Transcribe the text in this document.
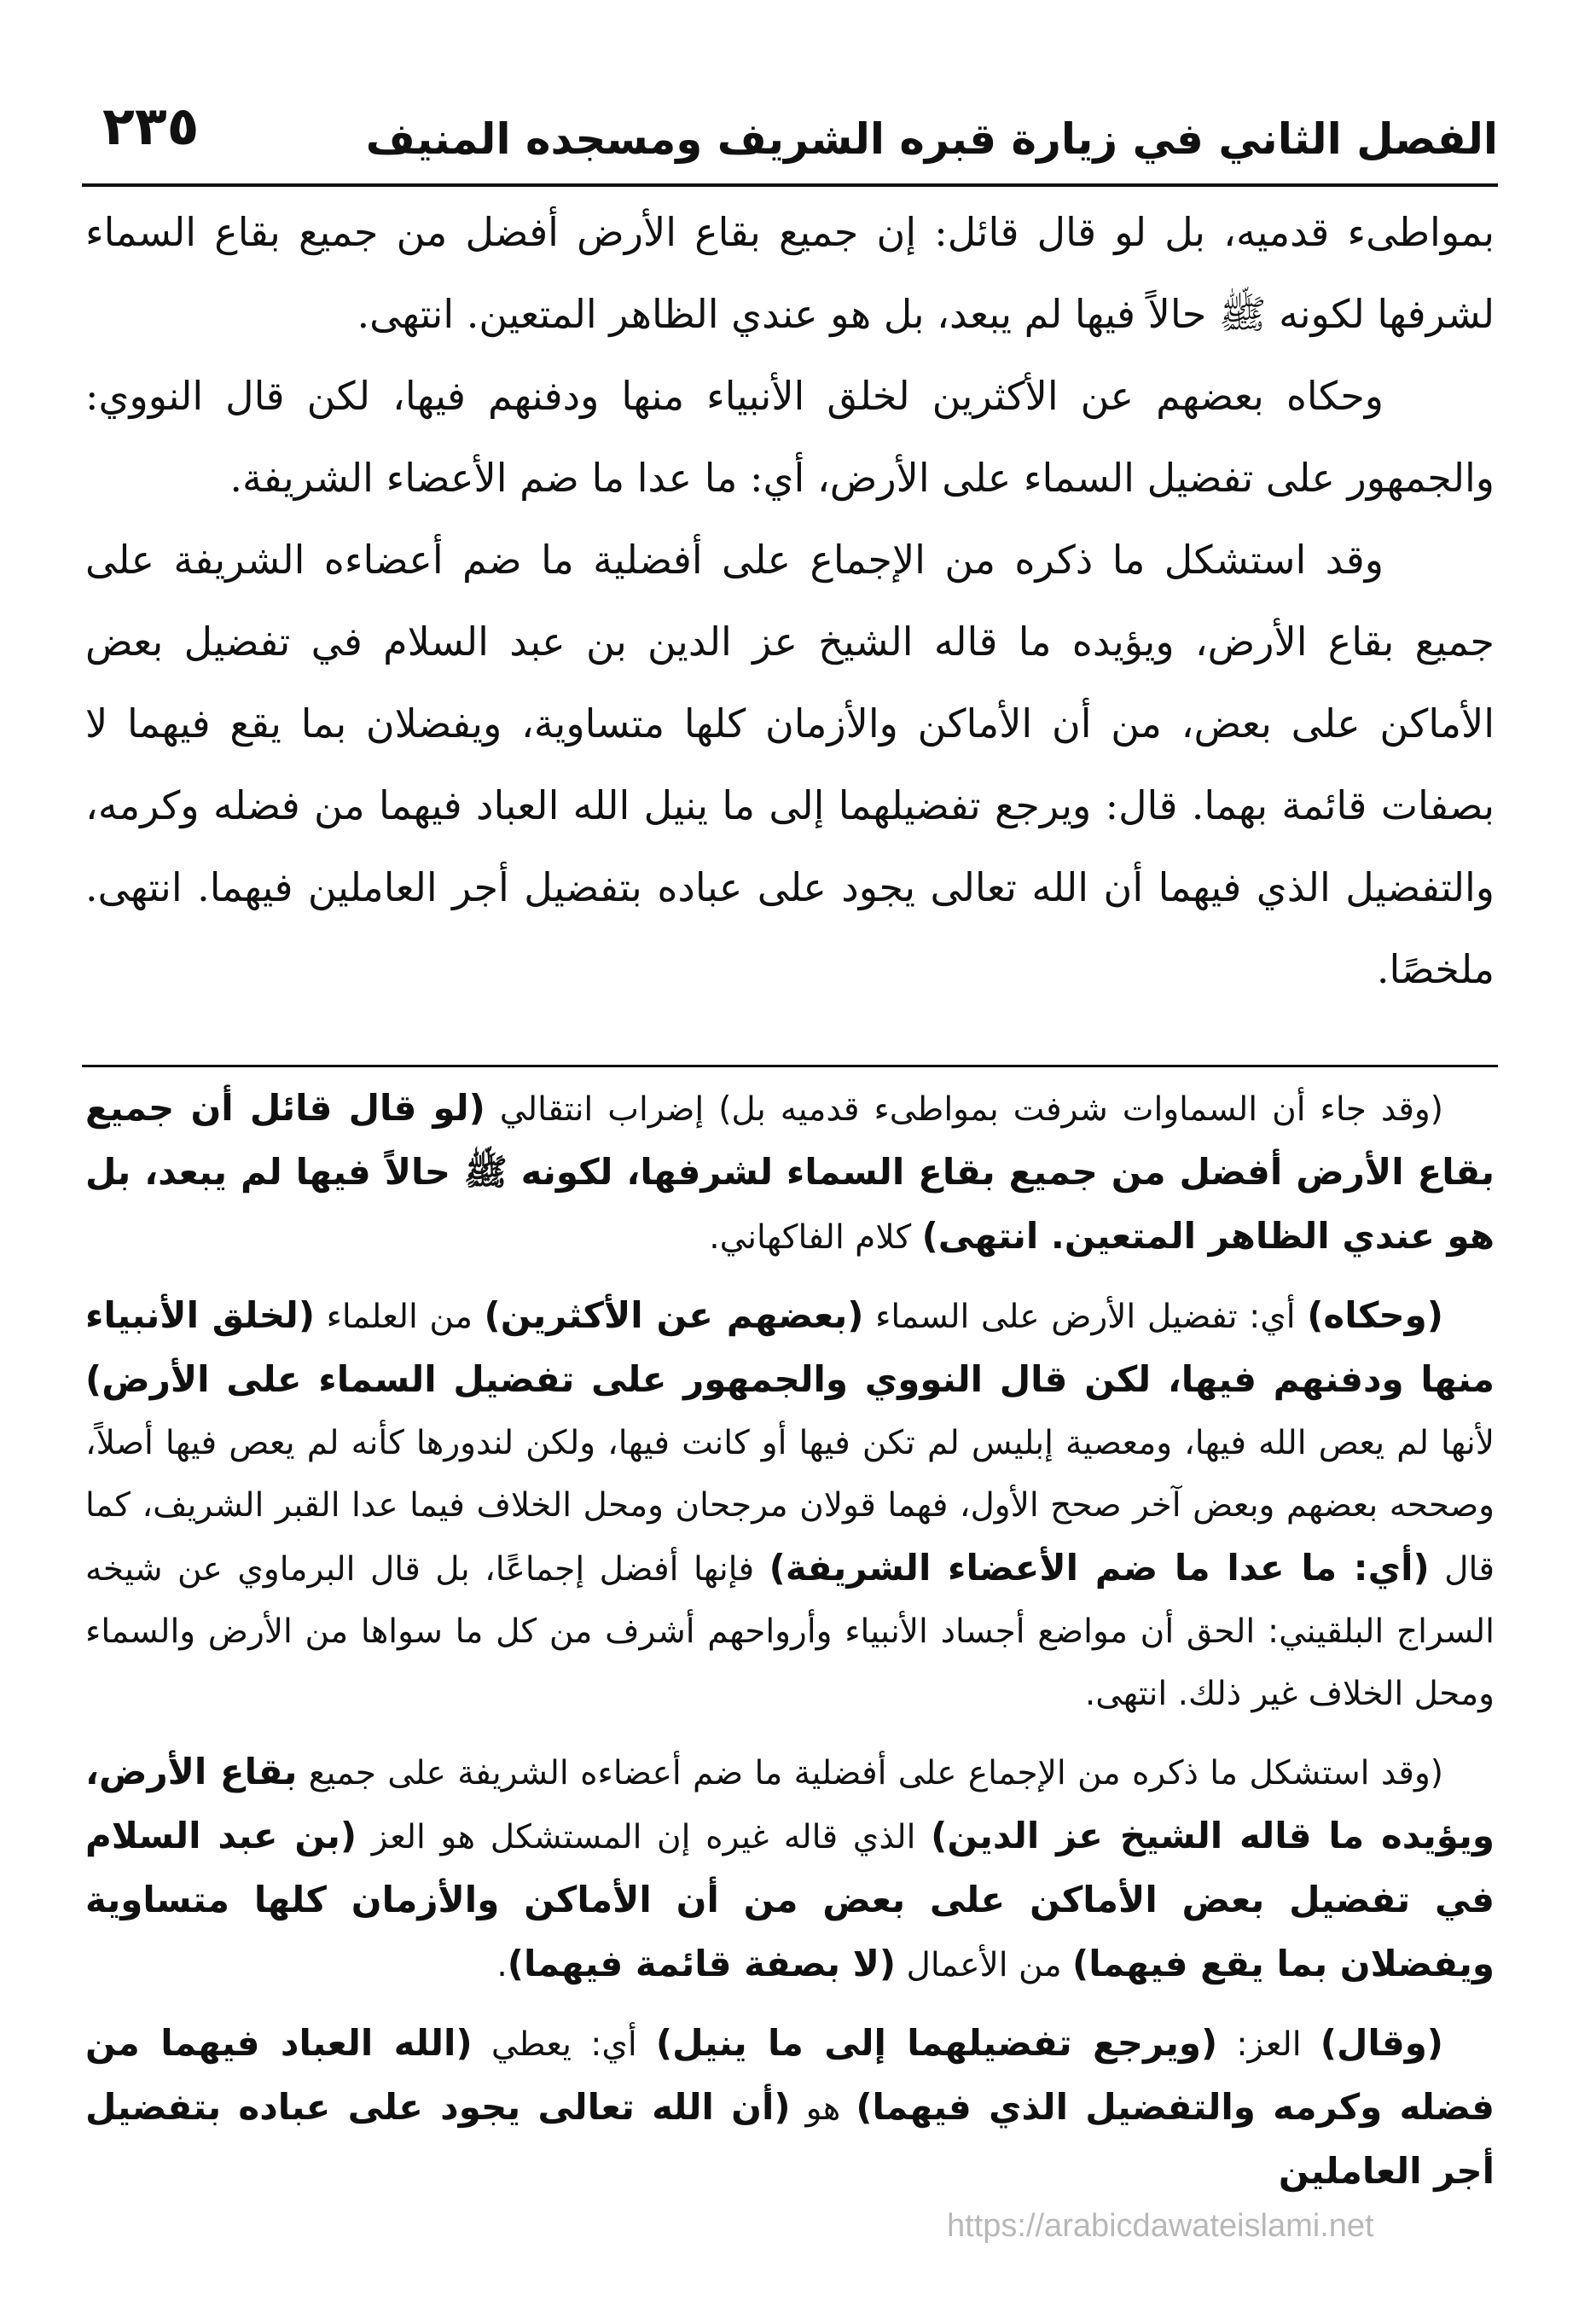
الفصل الثاني في زيارة قبره الشريف ومسجده المنيف
٢٣٥

بمواطىء قدميه، بل لو قال قائل: إن جميع بقاع الأرض أفضل من جميع بقاع السماء لشرفها لكونه ﷺ حالاً فيها لم يبعد، بل هو عندي الظاهر المتعين. انتهى.

وحكاه بعضهم عن الأكثرين لخلق الأنبياء منها ودفنهم فيها، لكن قال النووي: والجمهور على تفضيل السماء على الأرض، أي: ما عدا ما ضم الأعضاء الشريفة.

وقد استشكل ما ذكره من الإجماع على أفضلية ما ضم أعضاءه الشريفة على جميع بقاع الأرض، ويؤيده ما قاله الشيخ عز الدين بن عبد السلام في تفضيل بعض الأماكن على بعض، من أن الأماكن والأزمان كلها متساوية، ويفضلان بما يقع فيهما لا بصفات قائمة بهما. قال: ويرجع تفضيلهما إلى ما ينيل الله العباد فيهما من فضله وكرمه، والتفضيل الذي فيهما أن الله تعالى يجود على عباده بتفضيل أجر العاملين فيهما. انتهى. ملخصًا.

(وقد جاء أن السماوات شرفت بمواطىء قدميه بل) إضراب انتقالي (لو قال قائل أن جميع بقاع الأرض أفضل من جميع بقاع السماء لشرفها، لكونه ﷺ حالاً فيها لم يبعد، بل هو عندي الظاهر المتعين. انتهى) كلام الفاكهاني.

(وحكاه) أي: تفضيل الأرض على السماء (بعضهم عن الأكثرين) من العلماء (لخلق الأنبياء منها ودفنهم فيها، لكن قال النووي والجمهور على تفضيل السماء على الأرض) لأنها لم يعص الله فيها، ومعصية إبليس لم تكن فيها أو كانت فيها، ولكن لندورها كأنه لم يعص فيها أصلاً، وصححه بعضهم وبعض آخر صحح الأول، فهما قولان مرجحان ومحل الخلاف فيما عدا القبر الشريف، كما قال (أي: ما عدا ما ضم الأعضاء الشريفة) فإنها أفضل إجماعًا، بل قال البرماوي عن شيخه السراج البلقيني: الحق أن مواضع أجساد الأنبياء وأرواحهم أشرف من كل ما سواها من الأرض والسماء ومحل الخلاف غير ذلك. انتهى.

(وقد استشكل ما ذكره من الإجماع على أفضلية ما ضم أعضاءه الشريفة على جميع بقاع الأرض، ويؤيده ما قاله الشيخ عز الدين) الذي قاله غيره إن المستشكل هو العز (بن عبد السلام في تفضيل بعض الأماكن على بعض من أن الأماكن والأزمان كلها متساوية ويفضلان بما يقع فيهما) من الأعمال (لا بصفة قائمة فيهما).

(وقال) العز: (ويرجع تفضيلهما إلى ما ينيل) أي: يعطي (الله العباد فيهما من فضله وكرمه والتفضيل الذي فيهما) هو (أن الله تعالى يجود على عباده بتفضيل أجر العاملين

https://arabicdawateislami.net
